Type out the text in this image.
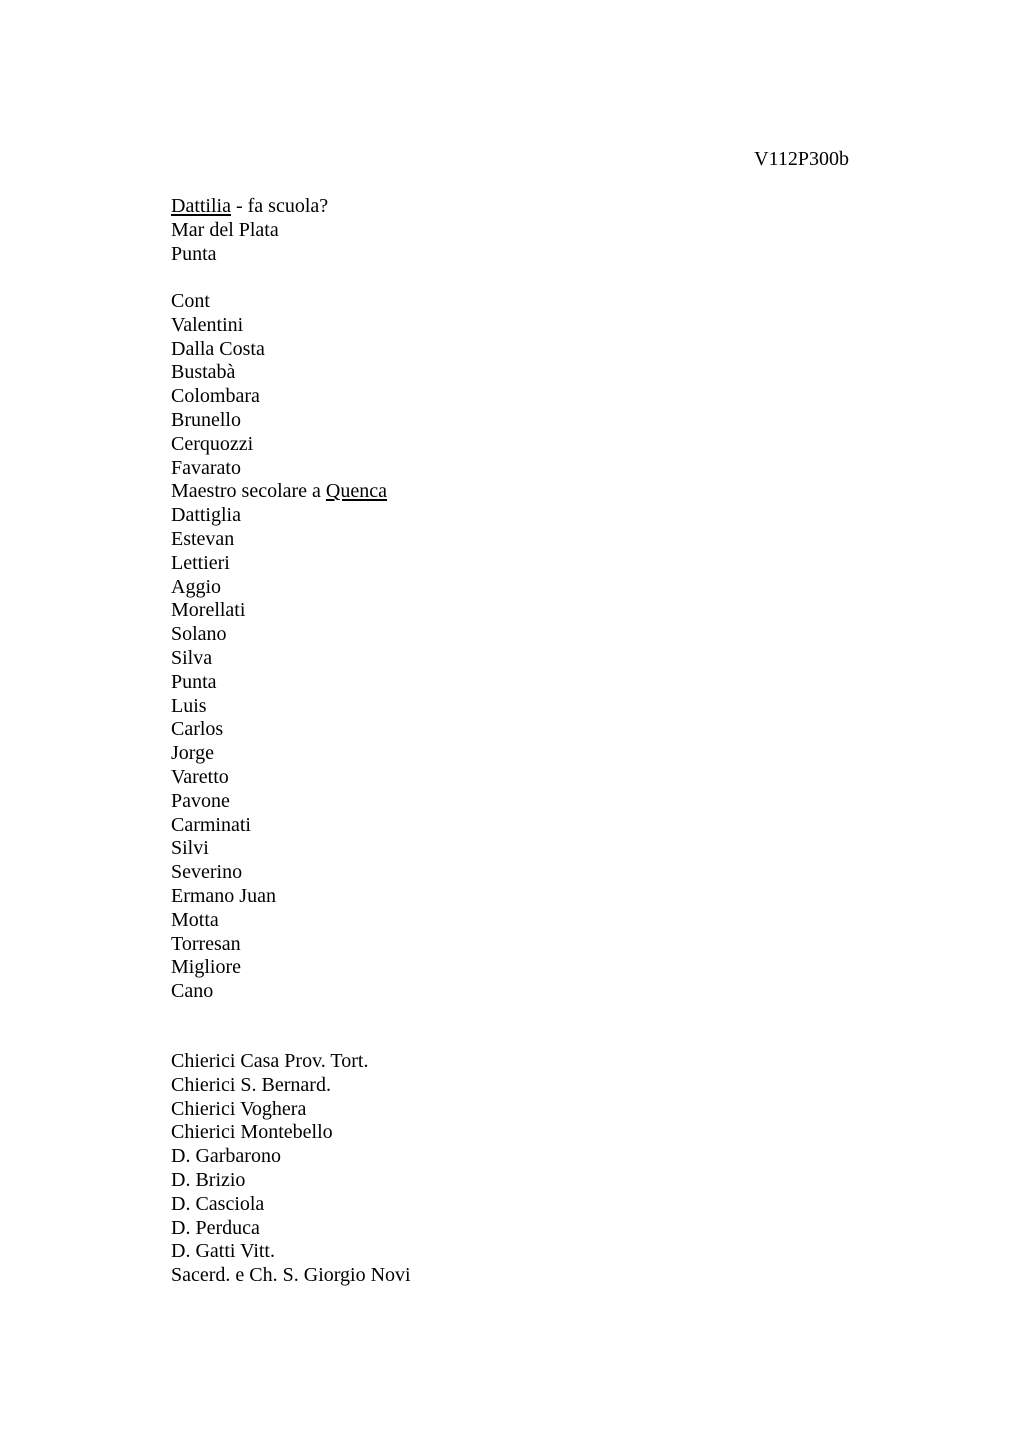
V112P300b
Dattilia - fa scuola?
Mar del Plata
Punta
Cont
Valentini
Dalla Costa
Bustabà
Colombara
Brunello
Cerquozzi
Favarato
Maestro secolare a Quenca
Dattiglia
Estevan
Lettieri
Aggio
Morellati
Solano
Silva
Punta
Luis
Carlos
Jorge
Varetto
Pavone
Carminati
Silvi
Severino
Ermano Juan
Motta
Torresan
Migliore
Cano
Chierici Casa Prov. Tort.
Chierici S. Bernard.
Chierici Voghera
Chierici Montebello
D. Garbarono
D. Brizio
D. Casciola
D. Perduca
D. Gatti Vitt.
Sacerd. e Ch. S. Giorgio Novi
